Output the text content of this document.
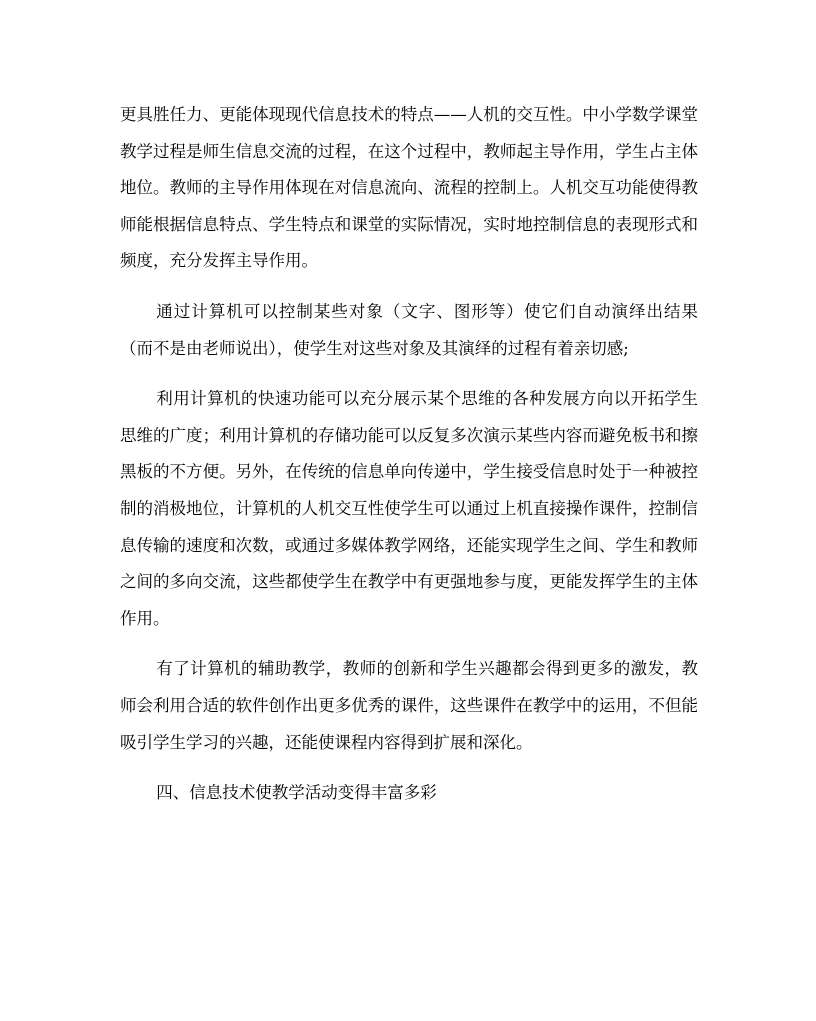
更具胜任力、更能体现现代信息技术的特点——人机的交互性。中小学数学课堂教学过程是师生信息交流的过程，在这个过程中，教师起主导作用，学生占主体地位。教师的主导作用体现在对信息流向、流程的控制上。人机交互功能使得教师能根据信息特点、学生特点和课堂的实际情况，实时地控制信息的表现形式和频度，充分发挥主导作用。

通过计算机可以控制某些对象（文字、图形等）使它们自动演绎出结果（而不是由老师说出），使学生对这些对象及其演绎的过程有着亲切感;

利用计算机的快速功能可以充分展示某个思维的各种发展方向以开拓学生思维的广度；利用计算机的存储功能可以反复多次演示某些内容而避免板书和擦黑板的不方便。另外，在传统的信息单向传递中，学生接受信息时处于一种被控制的消极地位，计算机的人机交互性使学生可以通过上机直接操作课件，控制信息传输的速度和次数，或通过多媒体教学网络，还能实现学生之间、学生和教师之间的多向交流，这些都使学生在教学中有更强地参与度，更能发挥学生的主体作用。

有了计算机的辅助教学，教师的创新和学生兴趣都会得到更多的激发，教师会利用合适的软件创作出更多优秀的课件，这些课件在教学中的运用，不但能吸引学生学习的兴趣，还能使课程内容得到扩展和深化。

四、信息技术使教学活动变得丰富多彩
